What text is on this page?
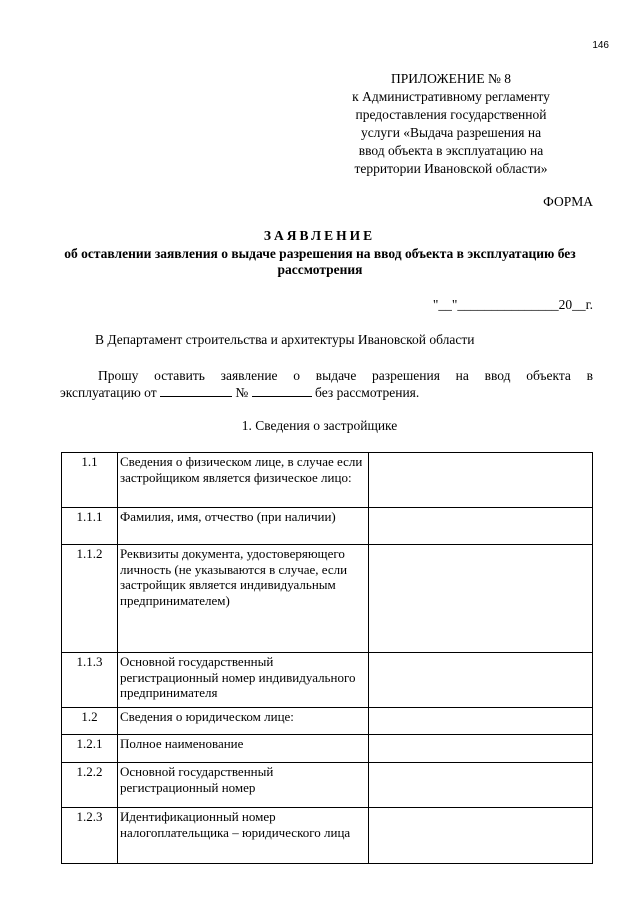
146
ПРИЛОЖЕНИЕ № 8
к Административному регламенту
предоставления государственной
услуги «Выдача разрешения на
ввод объекта в эксплуатацию на
территории Ивановской области»
ФОРМА
ЗАЯВЛЕНИЕ
об оставлении заявления о выдаче разрешения на ввод объекта в эксплуатацию без рассмотрения
"__"_______________20__г.
В Департамент строительства и архитектуры Ивановской области
Прошу оставить заявление о выдаче разрешения на ввод объекта в
эксплуатацию от	№	без рассмотрения.
1. Сведения о застройщике
1.1	Сведения о физическом лице, в случае если застройщиком является физическое лицо:	
1.1.1	Фамилия, имя, отчество (при наличии)	
1.1.2	Реквизиты документа, удостоверяющего личность (не указываются в случае, если застройщик является индивидуальным предпринимателем)	
1.1.3	Основной государственный регистрационный номер индивидуального предпринимателя	
1.2	Сведения о юридическом лице:	
1.2.1	Полное наименование	
1.2.2	Основной государственный регистрационный номер	
1.2.3	Идентификационный номер налогоплательщика – юридического лица	
